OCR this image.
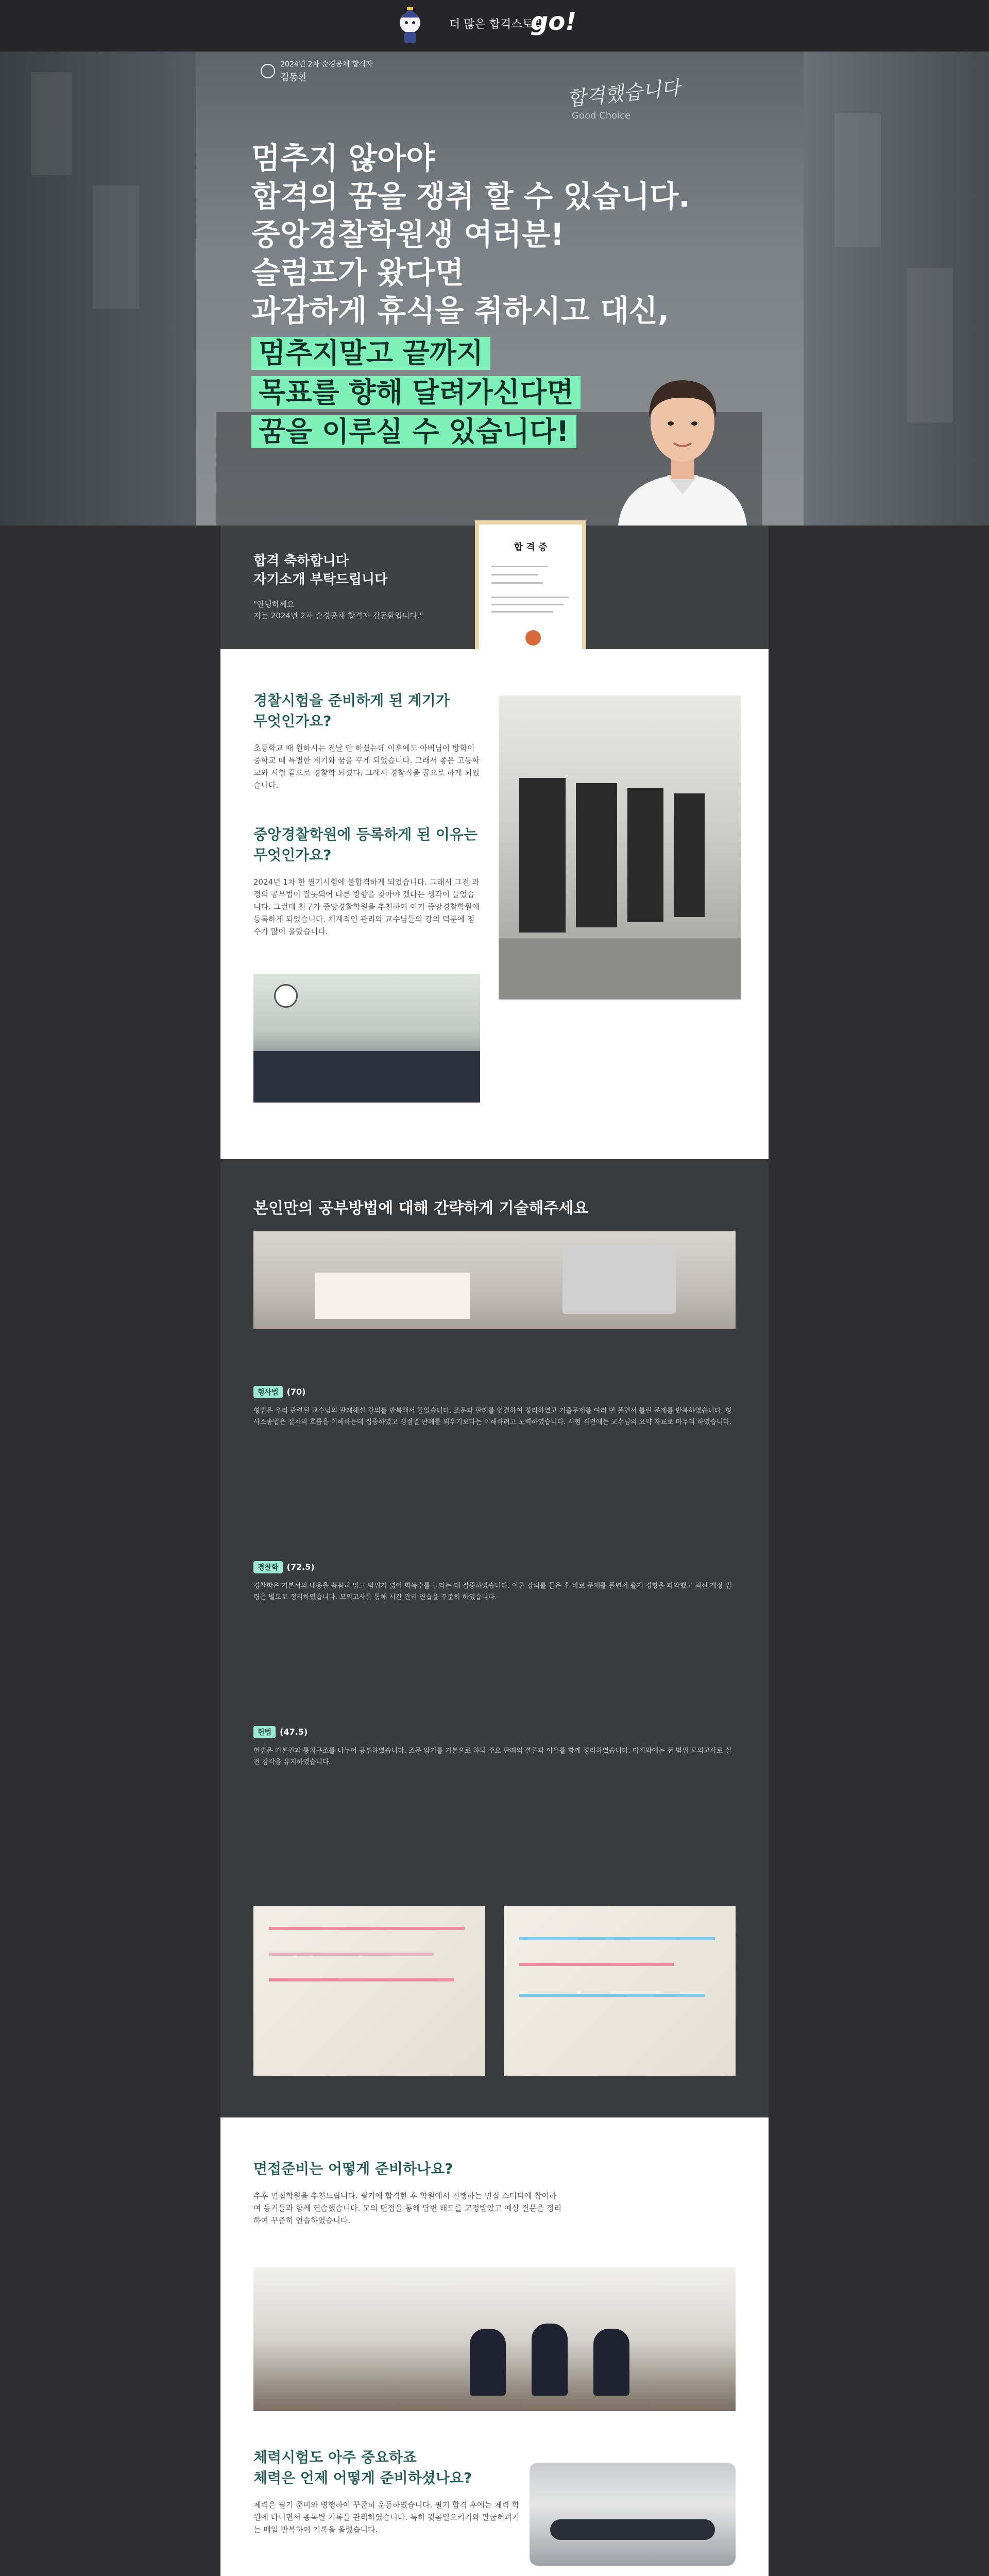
더 많은 합격스토리
go!
2024년 2차 순경공채 합격자
김동환	합격했습니다
Good Choice
멈추지 않아야
합격의 꿈을 쟁취 할 수 있습니다.
중앙경찰학원생 여러분!
슬럼프가 왔다면
과감하게 휴식을 취하시고 대신,
멈추지말고 끝까지
목표를 향해 달려가신다면
꿈을 이루실 수 있습니다!
합격 축하합니다
자기소개 부탁드립니다
"안녕하세요
저는 2024년 2차 순경공채 합격자 김동환입니다."
합 격 증
경찰시험을 준비하게 된 계기가
무엇인가요?
초등학교 때 원하시는 전날 안 하셨는데 이후에도 아버님이 방학이 중학교 때 특별한 계기와 꿈을 꾸게 되었습니다. 그래서 좋은 고등학교와 시험 끝으로 경찰학 되셨다. 그래서 경찰직을 꿈으로 하게 되었습니다.
중앙경찰학원에 등록하게 된 이유는
무엇인가요?
2024년 1차 한 필기시험에 불합격하게 되었습니다. 그래서 그전 과정의 공부법이 잘못되어 다른 방향을 찾아야 겠다는 생각이 들었습니다. 그런데 친구가 중앙경찰학원을 추천하여 여기 중앙경찰학원에 등록하게 되었습니다. 체계적인 관리와 교수님들의 강의 덕분에 점수가 많이 올랐습니다.
본인만의 공부방법에 대해 간략하게 기술해주세요
형사법 (70)
형법은 우리 관련된 교수님의 판례해설 강의를 반복해서 들었습니다. 조문과 판례를 연결하여 정리하였고 기출문제를 여러 번 풀면서 틀린 문제를 반복하였습니다. 형사소송법은 절차의 흐름을 이해하는데 집중하였고 쟁점별 판례를 외우기보다는 이해하려고 노력하였습니다. 시험 직전에는 교수님의 요약 자료로 마무리 하였습니다.
경찰학 (72.5)
경찰학은 기본서의 내용을 꼼꼼히 읽고 범위가 넓어 회독수를 늘리는 데 집중하였습니다. 이론 강의를 들은 후 바로 문제를 풀면서 출제 경향을 파악했고 최신 개정 법령은 별도로 정리하였습니다. 모의고사를 통해 시간 관리 연습을 꾸준히 하였습니다.
헌법 (47.5)
헌법은 기본권과 통치구조를 나누어 공부하였습니다. 조문 암기를 기본으로 하되 주요 판례의 결론과 이유를 함께 정리하였습니다. 마지막에는 전 범위 모의고사로 실전 감각을 유지하였습니다.
면접준비는 어떻게 준비하나요?
추후 면접학원을 추천드립니다. 필기에 합격한 후 학원에서 진행하는 면접 스터디에 참여하여 동기들과 함께 연습했습니다. 모의 면접을 통해 답변 태도를 교정받았고 예상 질문을 정리하여 꾸준히 연습하였습니다.
체력시험도 아주 중요하죠
체력은 언제 어떻게 준비하셨나요?
체력은 필기 준비와 병행하여 꾸준히 운동하였습니다. 필기 합격 후에는 체력 학원에 다니면서 종목별 기록을 관리하였습니다. 특히 윗몸일으키기와 팔굽혀펴기는 매일 반복하여 기록을 올렸습니다.
